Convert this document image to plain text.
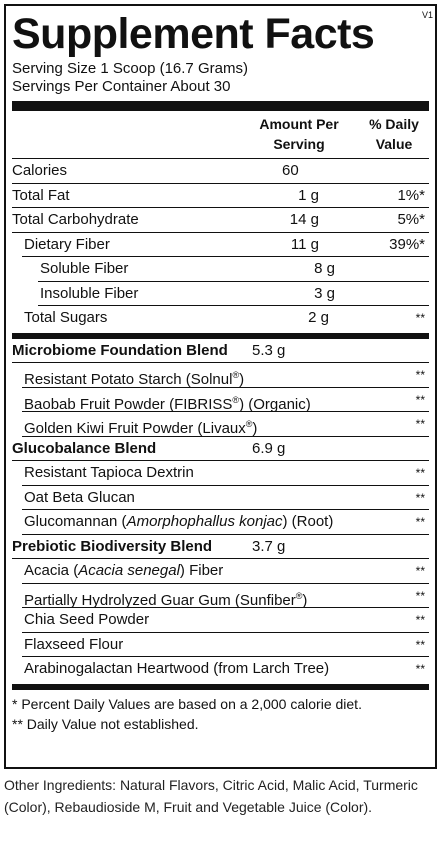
V1
Supplement Facts
Serving Size 1 Scoop (16.7 Grams)
Servings Per Container About 30
Amount Per
Serving
% Daily
Value
Calories	60
Total Fat	1 g	1%*
Total Carbohydrate	14 g	5%*
Dietary Fiber	11 g	39%*
Soluble Fiber	8 g
Insoluble Fiber	3 g
Total Sugars	2 g	**
Microbiome Foundation Blend 5.3 g
Resistant Potato Starch (Solnul®)	**
Baobab Fruit Powder (FIBRISS®) (Organic)	**
Golden Kiwi Fruit Powder (Livaux®)	**
Glucobalance Blend	6.9 g
Resistant Tapioca Dextrin	**
Oat Beta Glucan	**
Glucomannan (Amorphophallus konjac) (Root)	**
Prebiotic Biodiversity Blend	3.7 g
Acacia (Acacia senegal) Fiber	**
Partially Hydrolyzed Guar Gum (Sunfiber®)	**
Chia Seed Powder	**
Flaxseed Flour	**
Arabinogalactan Heartwood (from Larch Tree)	**
* Percent Daily Values are based on a 2,000 calorie diet.
** Daily Value not established.
Other Ingredients: Natural Flavors, Citric Acid, Malic Acid, Turmeric (Color), Rebaudioside M, Fruit and Vegetable Juice (Color).
